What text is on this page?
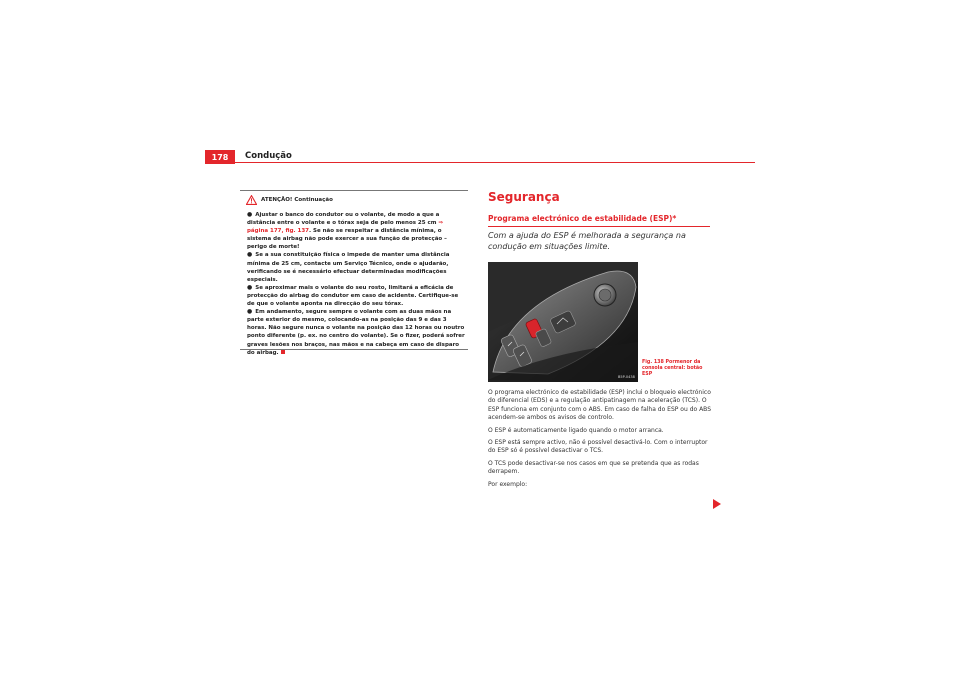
178 Condução
ATENÇÃO! Continuação

● Ajustar o banco do condutor ou o volante, de modo a que a distância entre o volante e o tórax seja de pelo menos 25 cm ⇒ página 177, fig. 137. Se não se respeitar a distância mínima, o sistema de airbag não pode exercer a sua função de protecção – perigo de morte!

● Se a sua constituição física o impede de manter uma distância mínima de 25 cm, contacte um Serviço Técnico, onde o ajudarão, verificando se é necessário efectuar determinadas modificações especiais.

● Se aproximar mais o volante do seu rosto, limitará a eficácia de protecção do airbag do condutor em caso de acidente. Certifique-se de que o volante aponta na direcção do seu tórax.

● Em andamento, segure sempre o volante com as duas mãos na parte exterior do mesmo, colocando-as na posição das 9 e das 3 horas. Não segure nunca o volante na posição das 12 horas ou noutro ponto diferente (p. ex. no centro do volante). Se o fizer, poderá sofrer graves lesões nos braços, nas mãos e na cabeça em caso de disparo do airbag.

Segurança
Programa electrónico de estabilidade (ESP)*
Com a ajuda do ESP é melhorada a segurança na condução em situações limite.
B5P-0438
Fig. 138 Pormenor da
consola central: botão
ESP

O programa electrónico de estabilidade (ESP) inclui o bloqueio electrónico do diferencial (EDS) e a regulação antipatinagem na aceleração (TCS). O ESP funciona em conjunto com o ABS. Em caso de falha do ESP ou do ABS acendem-se ambos os avisos de controlo.

O ESP é automaticamente ligado quando o motor arranca.

O ESP está sempre activo, não é possível desactivá-lo. Com o interruptor do ESP só é possível desactivar o TCS.

O TCS pode desactivar-se nos casos em que se pretenda que as rodas derrapem.

Por exemplo:
